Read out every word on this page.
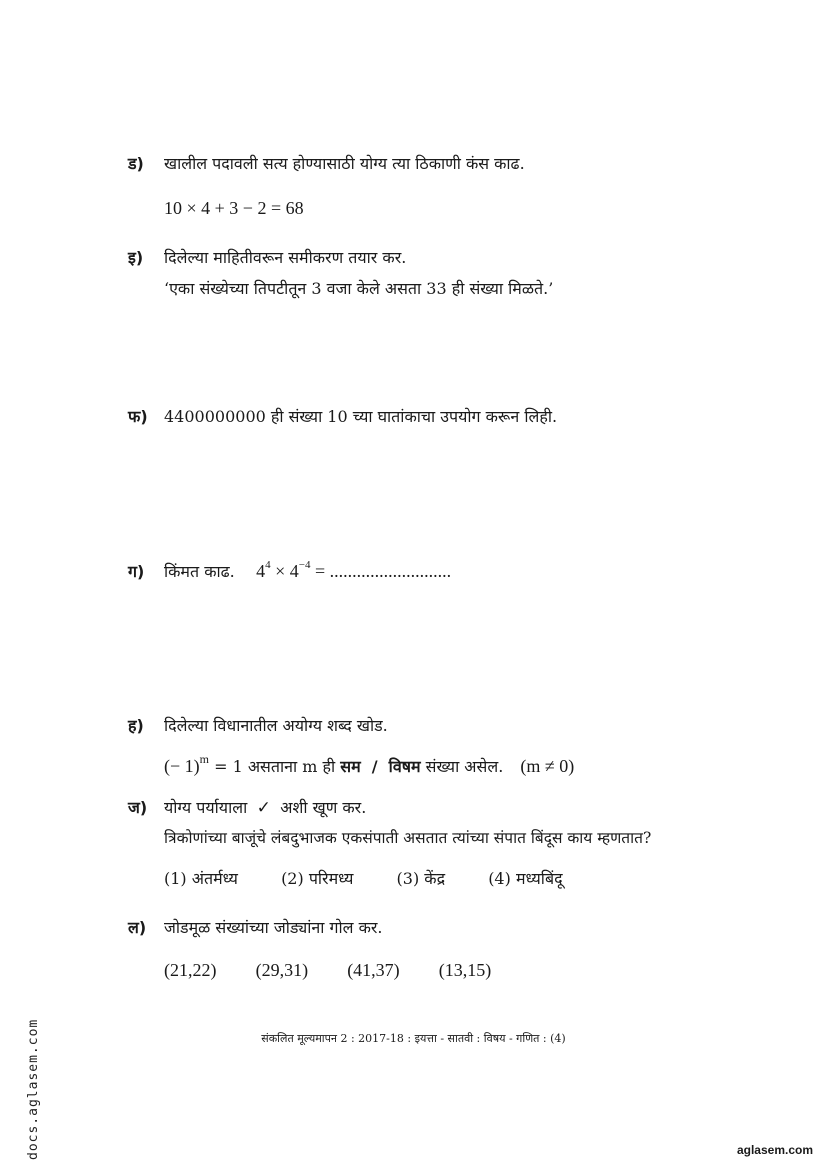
ड) खालील पदावली सत्य होण्यासाठी योग्य त्या ठिकाणी कंस काढ.
10 × 4 + 3 − 2 = 68
इ) दिलेल्या माहितीवरून समीकरण तयार कर.
‘एका संख्येच्या तिपटीतून 3 वजा केले असता 33 ही संख्या मिळते.’
फ) 4400000000 ही संख्या 10 च्या घातांकाचा उपयोग करून लिही.
ग) किंमत काढ. $4^4 \times 4^{-4}$ = ...........................
ह) दिलेल्या विधानातील अयोग्य शब्द खोड.
(− 1)$^m$ = 1 असताना m ही सम / विषम संख्या असेल. (m ≠ 0)
ज) योग्य पर्यायाला ✓ अशी खूण कर.
त्रिकोणांच्या बाजूंचे लंबदुभाजक एकसंपाती असतात त्यांच्या संपात बिंदूस काय म्हणतात?
(1) अंतर्मध्य	(2) परिमध्य	(3) केंद्र	(4) मध्यबिंदू
ल) जोडमूळ संख्यांच्या जोड्यांना गोल कर.
(21,22) (29,31) (41,37) (13,15)
संकलित मूल्यमापन 2 : 2017-18 : इयत्ता - सातवी : विषय - गणित : (4)
docs.aglasem.com	aglasem.com
